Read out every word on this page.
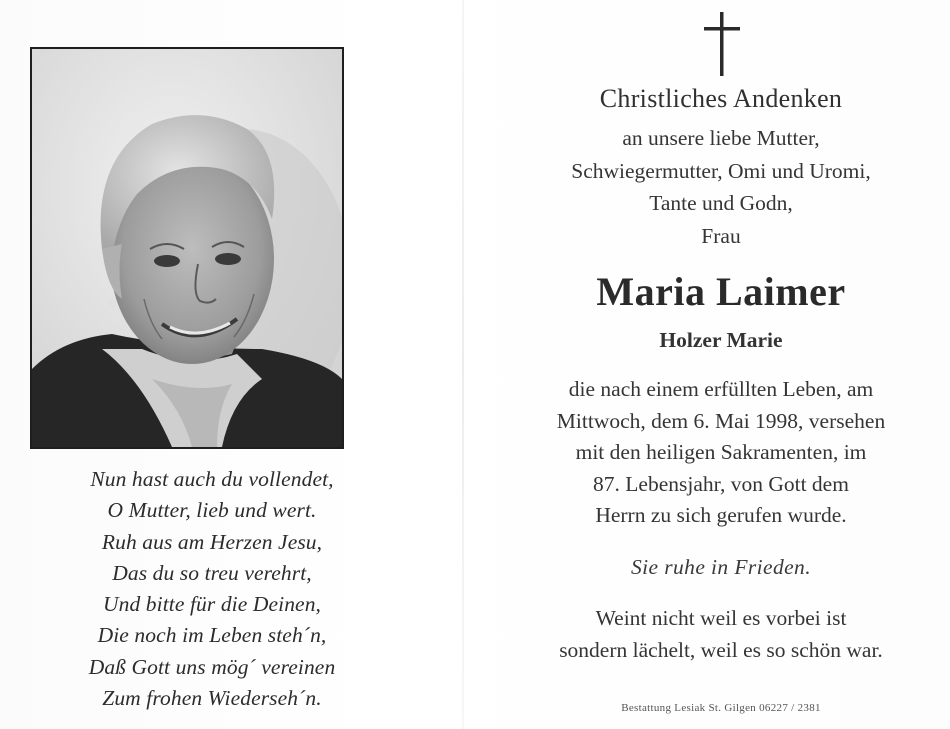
Nun hast auch du vollendet,
O Mutter, lieb und wert.
Ruh aus am Herzen Jesu,
Das du so treu verehrt,
Und bitte für die Deinen,
Die noch im Leben steh´n,
Daß Gott uns mög´ vereinen
Zum frohen Wiederseh´n.
Christliches Andenken
an unsere liebe Mutter,
Schwiegermutter, Omi und Uromi,
Tante und Godn,
Frau
Maria Laimer
Holzer Marie
die nach einem erfüllten Leben, am
Mittwoch, dem 6. Mai 1998, versehen
mit den heiligen Sakramenten, im
87. Lebensjahr, von Gott dem
Herrn zu sich gerufen wurde.
Sie ruhe in Frieden.
Weint nicht weil es vorbei ist
sondern lächelt, weil es so schön war.
Bestattung Lesiak St. Gilgen 06227 / 2381
